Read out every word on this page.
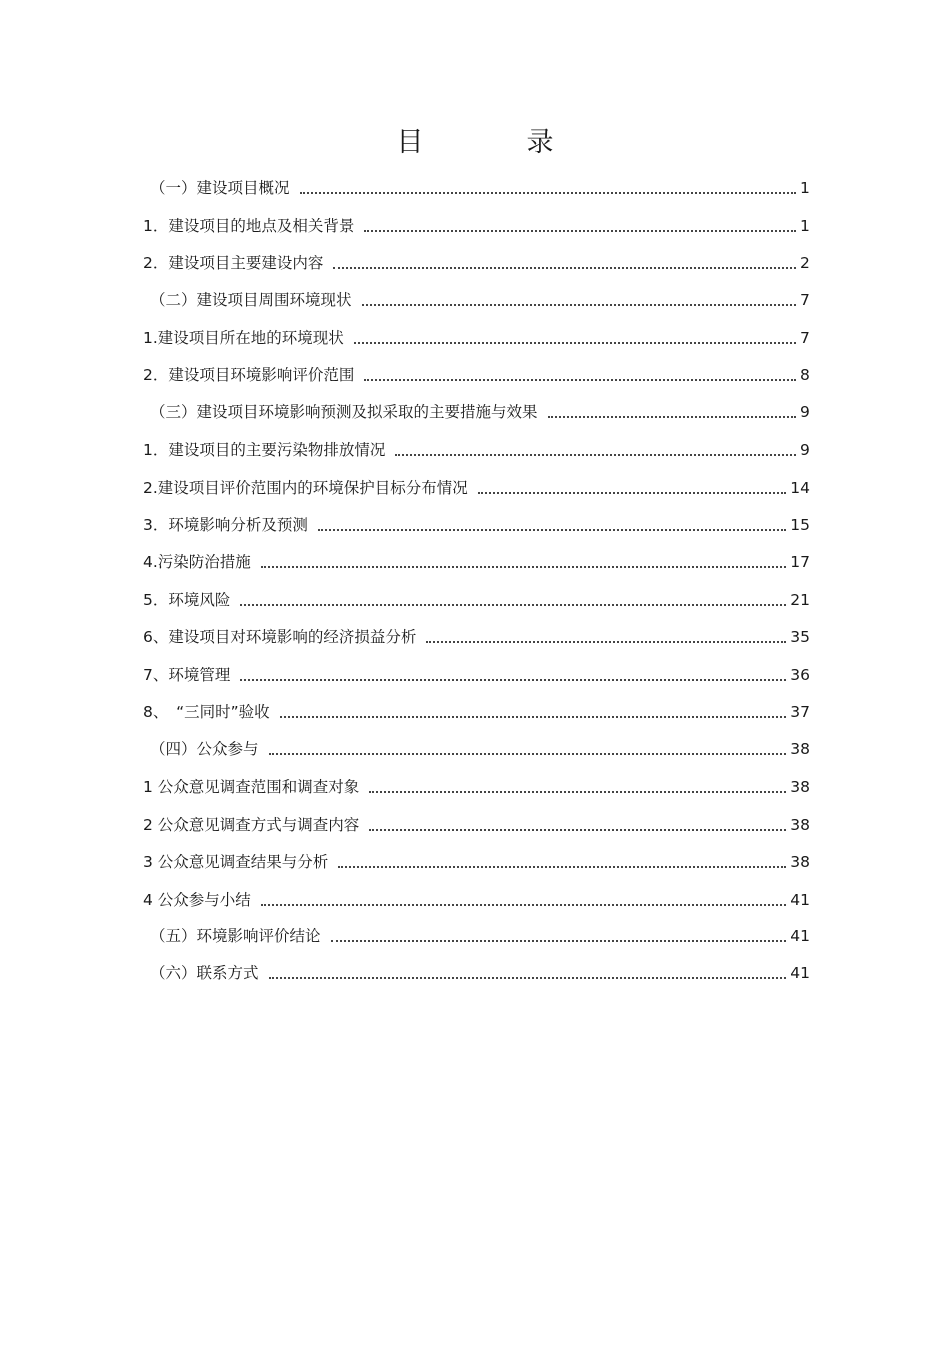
目　录
（一）建设项目概况	1
1．建设项目的地点及相关背景	1
2．建设项目主要建设内容	2
（二）建设项目周围环境现状	7
1.建设项目所在地的环境现状	7
2．建设项目环境影响评价范围	8
（三）建设项目环境影响预测及拟采取的主要措施与效果	9
1．建设项目的主要污染物排放情况	9
2.建设项目评价范围内的环境保护目标分布情况	14
3．环境影响分析及预测	15
4.污染防治措施	17
5．环境风险	21
6、建设项目对环境影响的经济损益分析	35
7、环境管理	36
8、　“三同时”验收	37
（四）公众参与	38
1 公众意见调查范围和调查对象	38
2 公众意见调查方式与调查内容	38
3 公众意见调查结果与分析	38
4 公众参与小结	41
（五）环境影响评价结论	41
（六）联系方式	41
